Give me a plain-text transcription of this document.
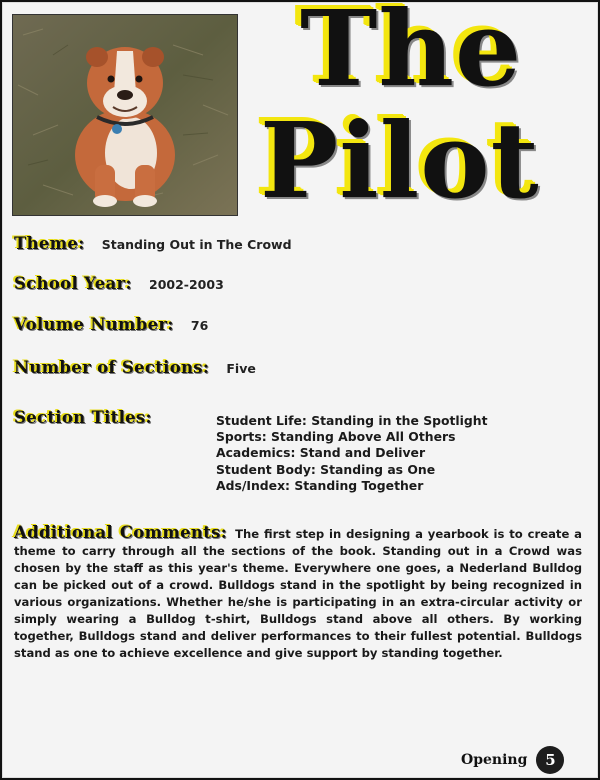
The
Pilot
Theme: Standing Out in The Crowd
School Year: 2002-2003
Volume Number: 76
Number of Sections: Five
Section Titles:	Student Life: Standing in the Spotlight
Sports: Standing Above All Others
Academics: Stand and Deliver
Student Body: Standing as One
Ads/Index: Standing Together
Additional Comments: The first step in designing a yearbook is to create a theme to carry through all the sections of the book. Standing out in a Crowd was chosen by the staff as this year's theme. Everywhere one goes, a Nederland Bulldog can be picked out of a crowd. Bulldogs stand in the spotlight by being recognized in various organizations. Whether he/she is participating in an extra-circular activity or simply wearing a Bulldog t-shirt, Bulldogs stand above all others. By working together, Bulldogs stand and deliver performances to their fullest potential. Bulldogs stand as one to achieve excellence and give support by standing together.
Opening 5
